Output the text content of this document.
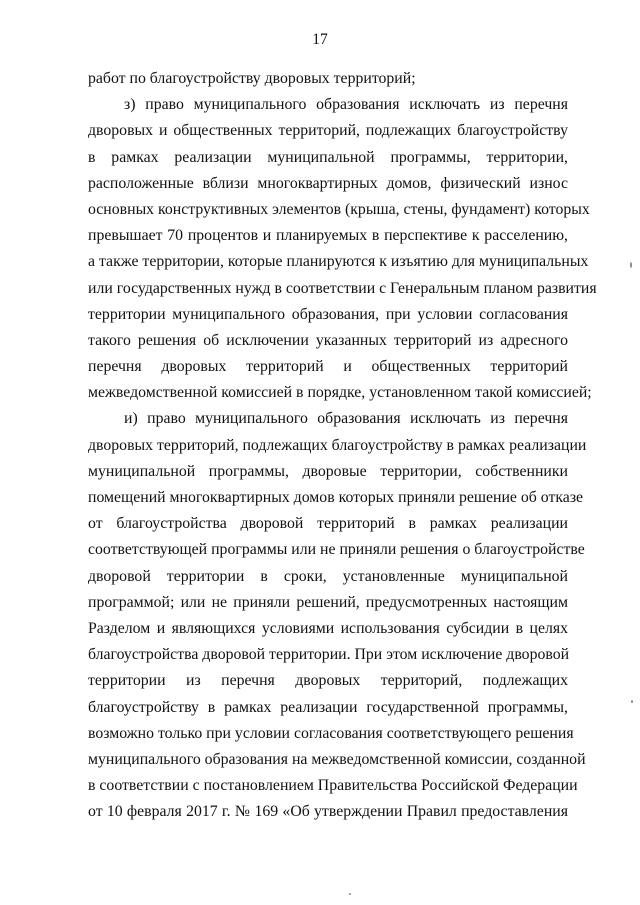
17
работ по благоустройству дворовых территорий;
з) право муниципального образования исключать из перечня
дворовых и общественных территорий, подлежащих благоустройству
в рамках реализации муниципальной программы, территории,
расположенные вблизи многоквартирных домов, физический износ
основных конструктивных элементов (крыша, стены, фундамент) которых
превышает 70 процентов и планируемых в перспективе к расселению,
а также территории, которые планируются к изъятию для муниципальных
или государственных нужд в соответствии с Генеральным планом развития
территории муниципального образования, при условии согласования
такого решения об исключении указанных территорий из адресного
перечня дворовых территорий и общественных территорий
межведомственной комиссией в порядке, установленном такой комиссией;
и) право муниципального образования исключать из перечня
дворовых территорий, подлежащих благоустройству в рамках реализации
муниципальной программы, дворовые территории, собственники
помещений многоквартирных домов которых приняли решение об отказе
от благоустройства дворовой территорий в рамках реализации
соответствующей программы или не приняли решения о благоустройстве
дворовой территории в сроки, установленные муниципальной
программой; или не приняли решений, предусмотренных настоящим
Разделом и являющихся условиями использования субсидии в целях
благоустройства дворовой территории. При этом исключение дворовой
территории из перечня дворовых территорий, подлежащих
благоустройству в рамках реализации государственной программы,
возможно только при условии согласования соответствующего решения
муниципального образования на межведомственной комиссии, созданной
в соответствии с постановлением Правительства Российской Федерации
от 10 февраля 2017 г. № 169 «Об утверждении Правил предоставления
